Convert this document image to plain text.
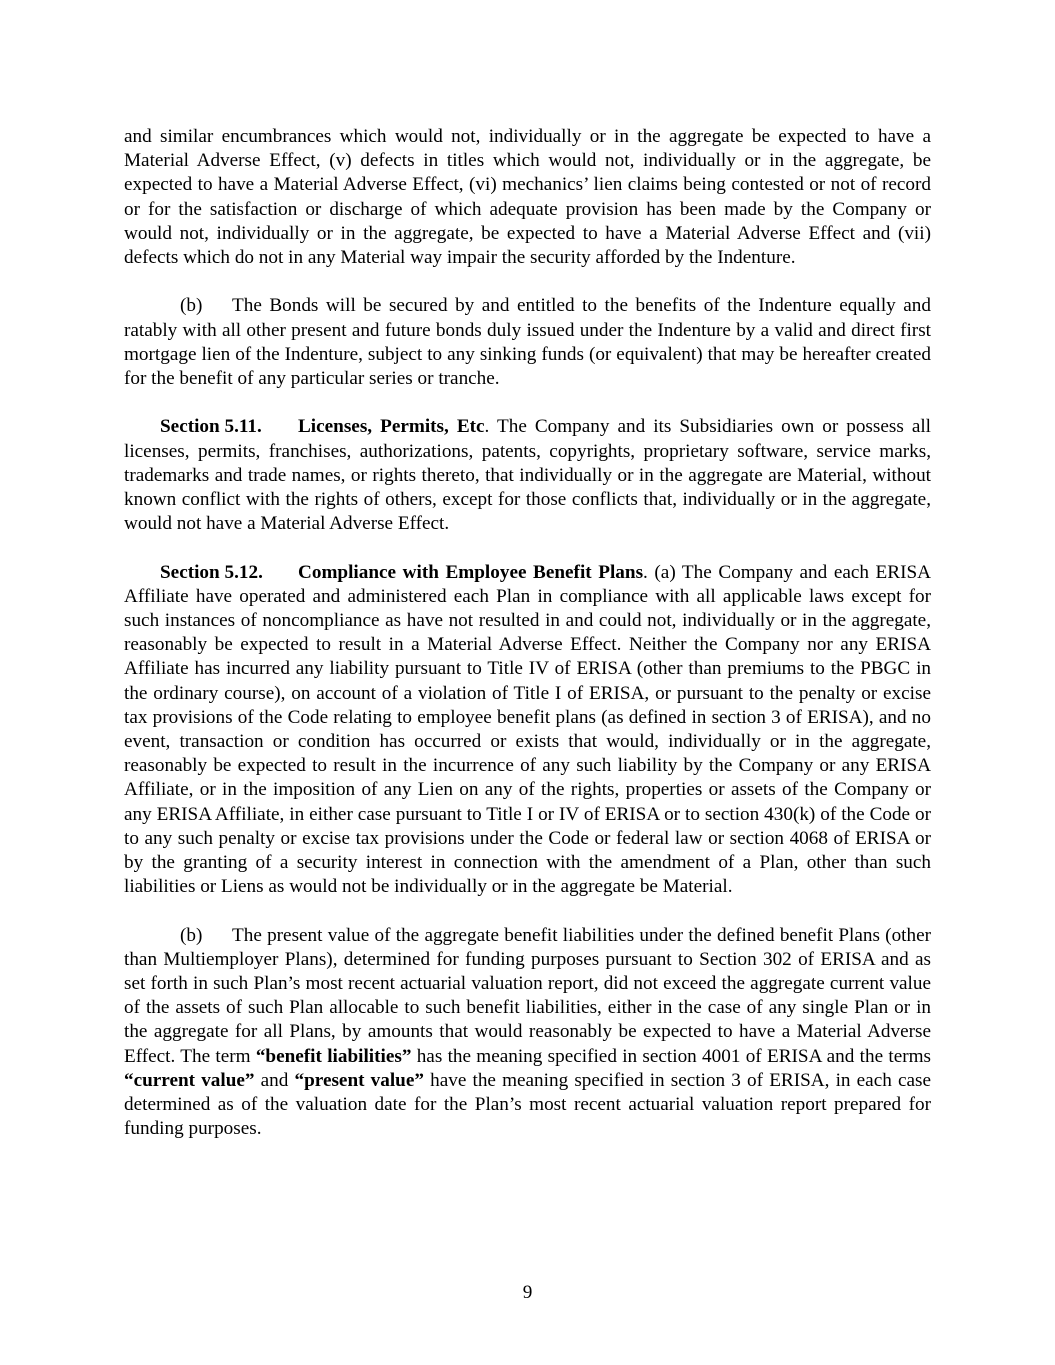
and similar encumbrances which would not, individually or in the aggregate be expected to have a Material Adverse Effect, (v) defects in titles which would not, individually or in the aggregate, be expected to have a Material Adverse Effect, (vi) mechanics’ lien claims being contested or not of record or for the satisfaction or discharge of which adequate provision has been made by the Company or would not, individually or in the aggregate, be expected to have a Material Adverse Effect and (vii) defects which do not in any Material way impair the security afforded by the Indenture.

(b) The Bonds will be secured by and entitled to the benefits of the Indenture equally and ratably with all other present and future bonds duly issued under the Indenture by a valid and direct first mortgage lien of the Indenture, subject to any sinking funds (or equivalent) that may be hereafter created for the benefit of any particular series or tranche.

Section 5.11. Licenses, Permits, Etc. The Company and its Subsidiaries own or possess all licenses, permits, franchises, authorizations, patents, copyrights, proprietary software, service marks, trademarks and trade names, or rights thereto, that individually or in the aggregate are Material, without known conflict with the rights of others, except for those conflicts that, individually or in the aggregate, would not have a Material Adverse Effect.

Section 5.12. Compliance with Employee Benefit Plans. (a) The Company and each ERISA Affiliate have operated and administered each Plan in compliance with all applicable laws except for such instances of noncompliance as have not resulted in and could not, individually or in the aggregate, reasonably be expected to result in a Material Adverse Effect. Neither the Company nor any ERISA Affiliate has incurred any liability pursuant to Title IV of ERISA (other than premiums to the PBGC in the ordinary course), on account of a violation of Title I of ERISA, or pursuant to the penalty or excise tax provisions of the Code relating to employee benefit plans (as defined in section 3 of ERISA), and no event, transaction or condition has occurred or exists that would, individually or in the aggregate, reasonably be expected to result in the incurrence of any such liability by the Company or any ERISA Affiliate, or in the imposition of any Lien on any of the rights, properties or assets of the Company or any ERISA Affiliate, in either case pursuant to Title I or IV of ERISA or to section 430(k) of the Code or to any such penalty or excise tax provisions under the Code or federal law or section 4068 of ERISA or by the granting of a security interest in connection with the amendment of a Plan, other than such liabilities or Liens as would not be individually or in the aggregate be Material.

(b) The present value of the aggregate benefit liabilities under the defined benefit Plans (other than Multiemployer Plans), determined for funding purposes pursuant to Section 302 of ERISA and as set forth in such Plan’s most recent actuarial valuation report, did not exceed the aggregate current value of the assets of such Plan allocable to such benefit liabilities, either in the case of any single Plan or in the aggregate for all Plans, by amounts that would reasonably be expected to have a Material Adverse Effect. The term “benefit liabilities” has the meaning specified in section 4001 of ERISA and the terms “current value” and “present value” have the meaning specified in section 3 of ERISA, in each case determined as of the valuation date for the Plan’s most recent actuarial valuation report prepared for funding purposes.

9
